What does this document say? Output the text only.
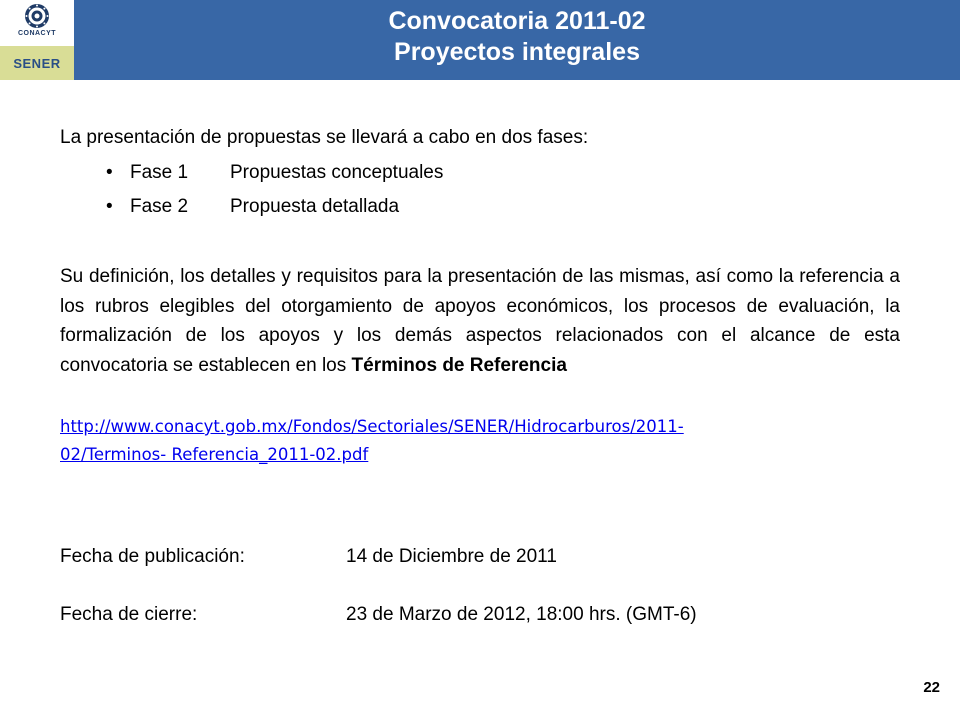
CONACYT
SENER
Convocatoria 2011-02
Proyectos integrales
La presentación de propuestas se llevará a cabo en dos fases:
• Fase 1 Propuestas conceptuales
• Fase 2 Propuesta detallada
Su definición, los detalles y requisitos para la presentación de las mismas, así como la referencia a los rubros elegibles del otorgamiento de apoyos económicos, los procesos de evaluación, la formalización de los apoyos y los demás aspectos relacionados con el alcance de esta convocatoria se establecen en los Términos de Referencia
http://www.conacyt.gob.mx/Fondos/Sectoriales/SENER/Hidrocarburos/2011-
02/Terminos- Referencia_2011-02.pdf
Fecha de publicación:	14 de Diciembre de 2011
Fecha de cierre:	23 de Marzo de 2012, 18:00 hrs. (GMT-6)
22
